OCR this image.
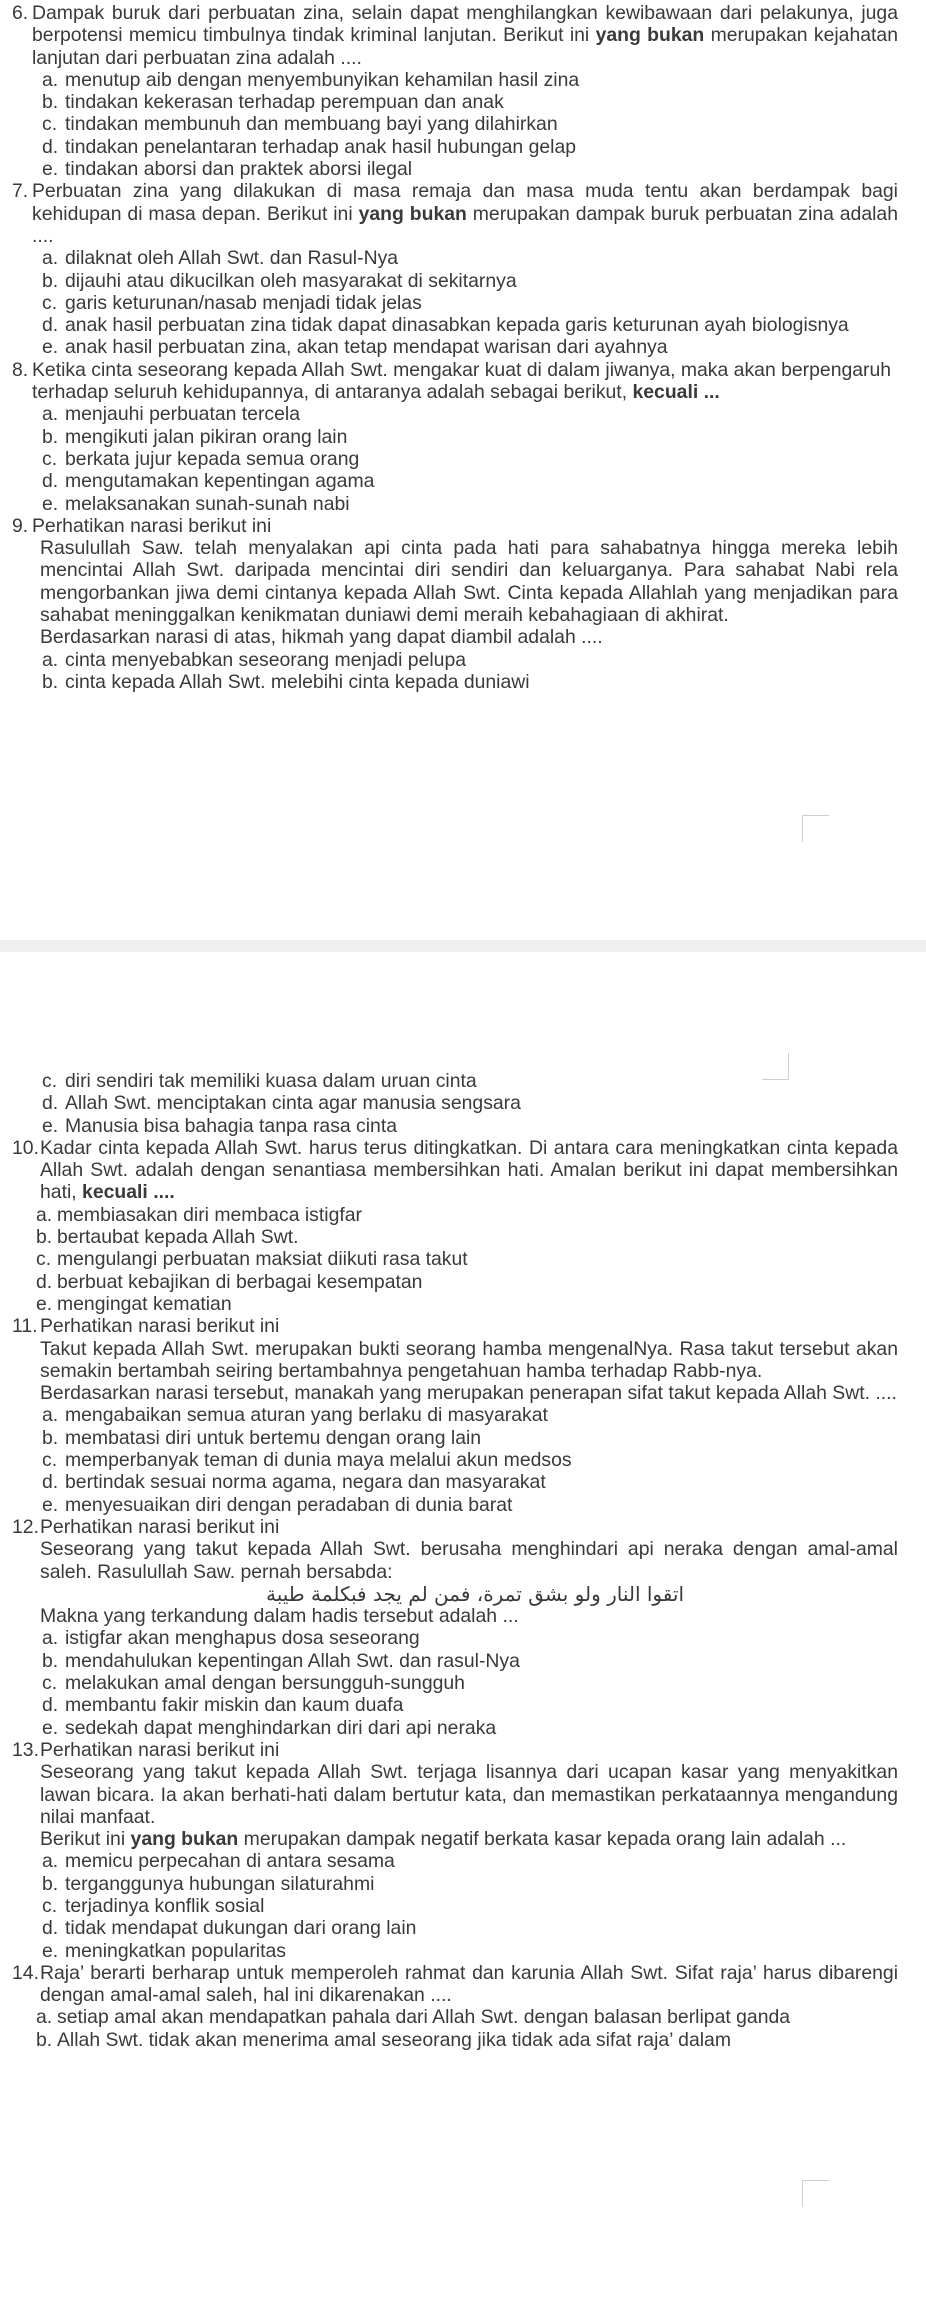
6. Dampak buruk dari perbuatan zina, selain dapat menghilangkan kewibawaan dari pelakunya, juga berpotensi memicu timbulnya tindak kriminal lanjutan. Berikut ini yang bukan merupakan kejahatan lanjutan dari perbuatan zina adalah ....
a. menutup aib dengan menyembunyikan kehamilan hasil zina
b. tindakan kekerasan terhadap perempuan dan anak
c. tindakan membunuh dan membuang bayi yang dilahirkan
d. tindakan penelantaran terhadap anak hasil hubungan gelap
e. tindakan aborsi dan praktek aborsi ilegal
7. Perbuatan zina yang dilakukan di masa remaja dan masa muda tentu akan berdampak bagi kehidupan di masa depan. Berikut ini yang bukan merupakan dampak buruk perbuatan zina adalah ....
a. dilaknat oleh Allah Swt. dan Rasul-Nya
b. dijauhi atau dikucilkan oleh masyarakat di sekitarnya
c. garis keturunan/nasab menjadi tidak jelas
d. anak hasil perbuatan zina tidak dapat dinasabkan kepada garis keturunan ayah biologisnya
e. anak hasil perbuatan zina, akan tetap mendapat warisan dari ayahnya
8. Ketika cinta seseorang kepada Allah Swt. mengakar kuat di dalam jiwanya, maka akan berpengaruh terhadap seluruh kehidupannya, di antaranya adalah sebagai berikut, kecuali ...
a. menjauhi perbuatan tercela
b. mengikuti jalan pikiran orang lain
c. berkata jujur kepada semua orang
d. mengutamakan kepentingan agama
e. melaksanakan sunah-sunah nabi
9. Perhatikan narasi berikut ini
Rasulullah Saw. telah menyalakan api cinta pada hati para sahabatnya hingga mereka lebih mencintai Allah Swt. daripada mencintai diri sendiri dan keluarganya. Para sahabat Nabi rela mengorbankan jiwa demi cintanya kepada Allah Swt. Cinta kepada Allahlah yang menjadikan para sahabat meninggalkan kenikmatan duniawi demi meraih kebahagiaan di akhirat.
Berdasarkan narasi di atas, hikmah yang dapat diambil adalah ....
a. cinta menyebabkan seseorang menjadi pelupa
b. cinta kepada Allah Swt. melebihi cinta kepada duniawi
c. diri sendiri tak memiliki kuasa dalam uruan cinta
d. Allah Swt. menciptakan cinta agar manusia sengsara
e. Manusia bisa bahagia tanpa rasa cinta
10. Kadar cinta kepada Allah Swt. harus terus ditingkatkan. Di antara cara meningkatkan cinta kepada Allah Swt. adalah dengan senantiasa membersihkan hati. Amalan berikut ini dapat membersihkan hati, kecuali ....
a. membiasakan diri membaca istigfar
b. bertaubat kepada Allah Swt.
c. mengulangi perbuatan maksiat diikuti rasa takut
d. berbuat kebajikan di berbagai kesempatan
e. mengingat kematian
11. Perhatikan narasi berikut ini
Takut kepada Allah Swt. merupakan bukti seorang hamba mengenalNya. Rasa takut tersebut akan semakin bertambah seiring bertambahnya pengetahuan hamba terhadap Rabb-nya.
Berdasarkan narasi tersebut, manakah yang merupakan penerapan sifat takut kepada Allah Swt. ....
a. mengabaikan semua aturan yang berlaku di masyarakat
b. membatasi diri untuk bertemu dengan orang lain
c. memperbanyak teman di dunia maya melalui akun medsos
d. bertindak sesuai norma agama, negara dan masyarakat
e. menyesuaikan diri dengan peradaban di dunia barat
12. Perhatikan narasi berikut ini
Seseorang yang takut kepada Allah Swt. berusaha menghindari api neraka dengan amal-amal saleh. Rasulullah Saw. pernah bersabda:
اتقوا النار ولو بشق تمرة، فمن لم يجد فبكلمة طيبة
Makna yang terkandung dalam hadis tersebut adalah ...
a. istigfar akan menghapus dosa seseorang
b. mendahulukan kepentingan Allah Swt. dan rasul-Nya
c. melakukan amal dengan bersungguh-sungguh
d. membantu fakir miskin dan kaum duafa
e. sedekah dapat menghindarkan diri dari api neraka
13. Perhatikan narasi berikut ini
Seseorang yang takut kepada Allah Swt. terjaga lisannya dari ucapan kasar yang menyakitkan lawan bicara. Ia akan berhati-hati dalam bertutur kata, dan memastikan perkataannya mengandung nilai manfaat.
Berikut ini yang bukan merupakan dampak negatif berkata kasar kepada orang lain adalah ...
a. memicu perpecahan di antara sesama
b. terganggunya hubungan silaturahmi
c. terjadinya konflik sosial
d. tidak mendapat dukungan dari orang lain
e. meningkatkan popularitas
14. Raja’ berarti berharap untuk memperoleh rahmat dan karunia Allah Swt. Sifat raja’ harus dibarengi dengan amal-amal saleh, hal ini dikarenakan ....
a. setiap amal akan mendapatkan pahala dari Allah Swt. dengan balasan berlipat ganda
b. Allah Swt. tidak akan menerima amal seseorang jika tidak ada sifat raja’ dalam
